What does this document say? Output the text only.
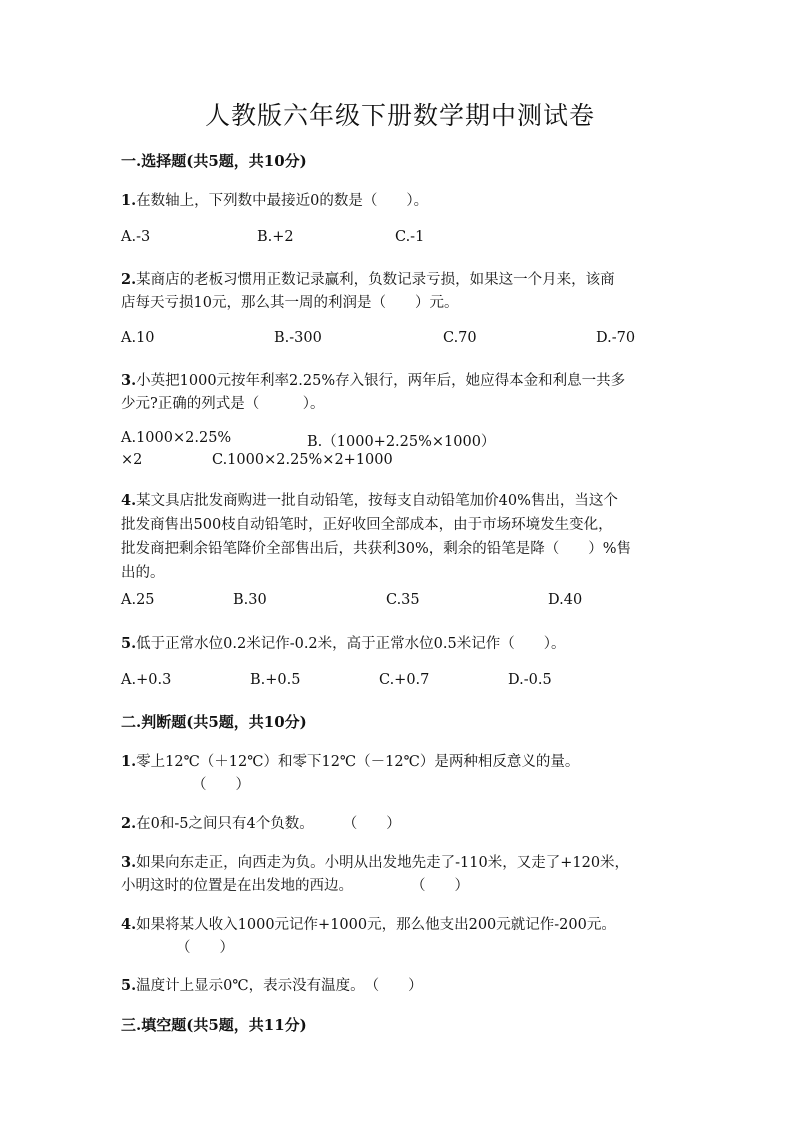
人教版六年级下册数学期中测试卷
一.选择题(共5题，共10分)
1.在数轴上，下列数中最接近0的数是（　　）。
A.-3	B.+2	C.-1
2.某商店的老板习惯用正数记录赢利，负数记录亏损，如果这一个月来，该商
店每天亏损10元，那么其一周的利润是（　　）元。
A.10	B.-300	C.70	D.-70
3.小英把1000元按年利率2.25%存入银行，两年后，她应得本金和利息一共多
少元?正确的列式是（　　　）。
A.1000×2.25%	B.（1000+2.25%×1000）
×2	C.1000×2.25%×2+1000
4.某文具店批发商购进一批自动铅笔，按每支自动铅笔加价40%售出，当这个
批发商售出500枝自动铅笔时，正好收回全部成本，由于市场环境发生变化，
批发商把剩余铅笔降价全部售出后，共获利30%，剩余的铅笔是降（　　）%售
出的。
A.25	B.30	C.35	D.40
5.低于正常水位0.2米记作-0.2米，高于正常水位0.5米记作（　　）。
A.+0.3	B.+0.5	C.+0.7	D.-0.5
二.判断题(共5题，共10分)
1.零上12℃（＋12℃）和零下12℃（－12℃）是两种相反意义的量。
（　　）
2.在0和-5之间只有4个负数。　　　（　　）
3.如果向东走正，向西走为负。小明从出发地先走了-110米，又走了+120米，
小明这时的位置是在出发地的西边。　　　　　（　　）
4.如果将某人收入1000元记作+1000元，那么他支出200元就记作-200元。
（　　）
5.温度计上显示0℃，表示没有温度。　（　　）
三.填空题(共5题，共11分)
